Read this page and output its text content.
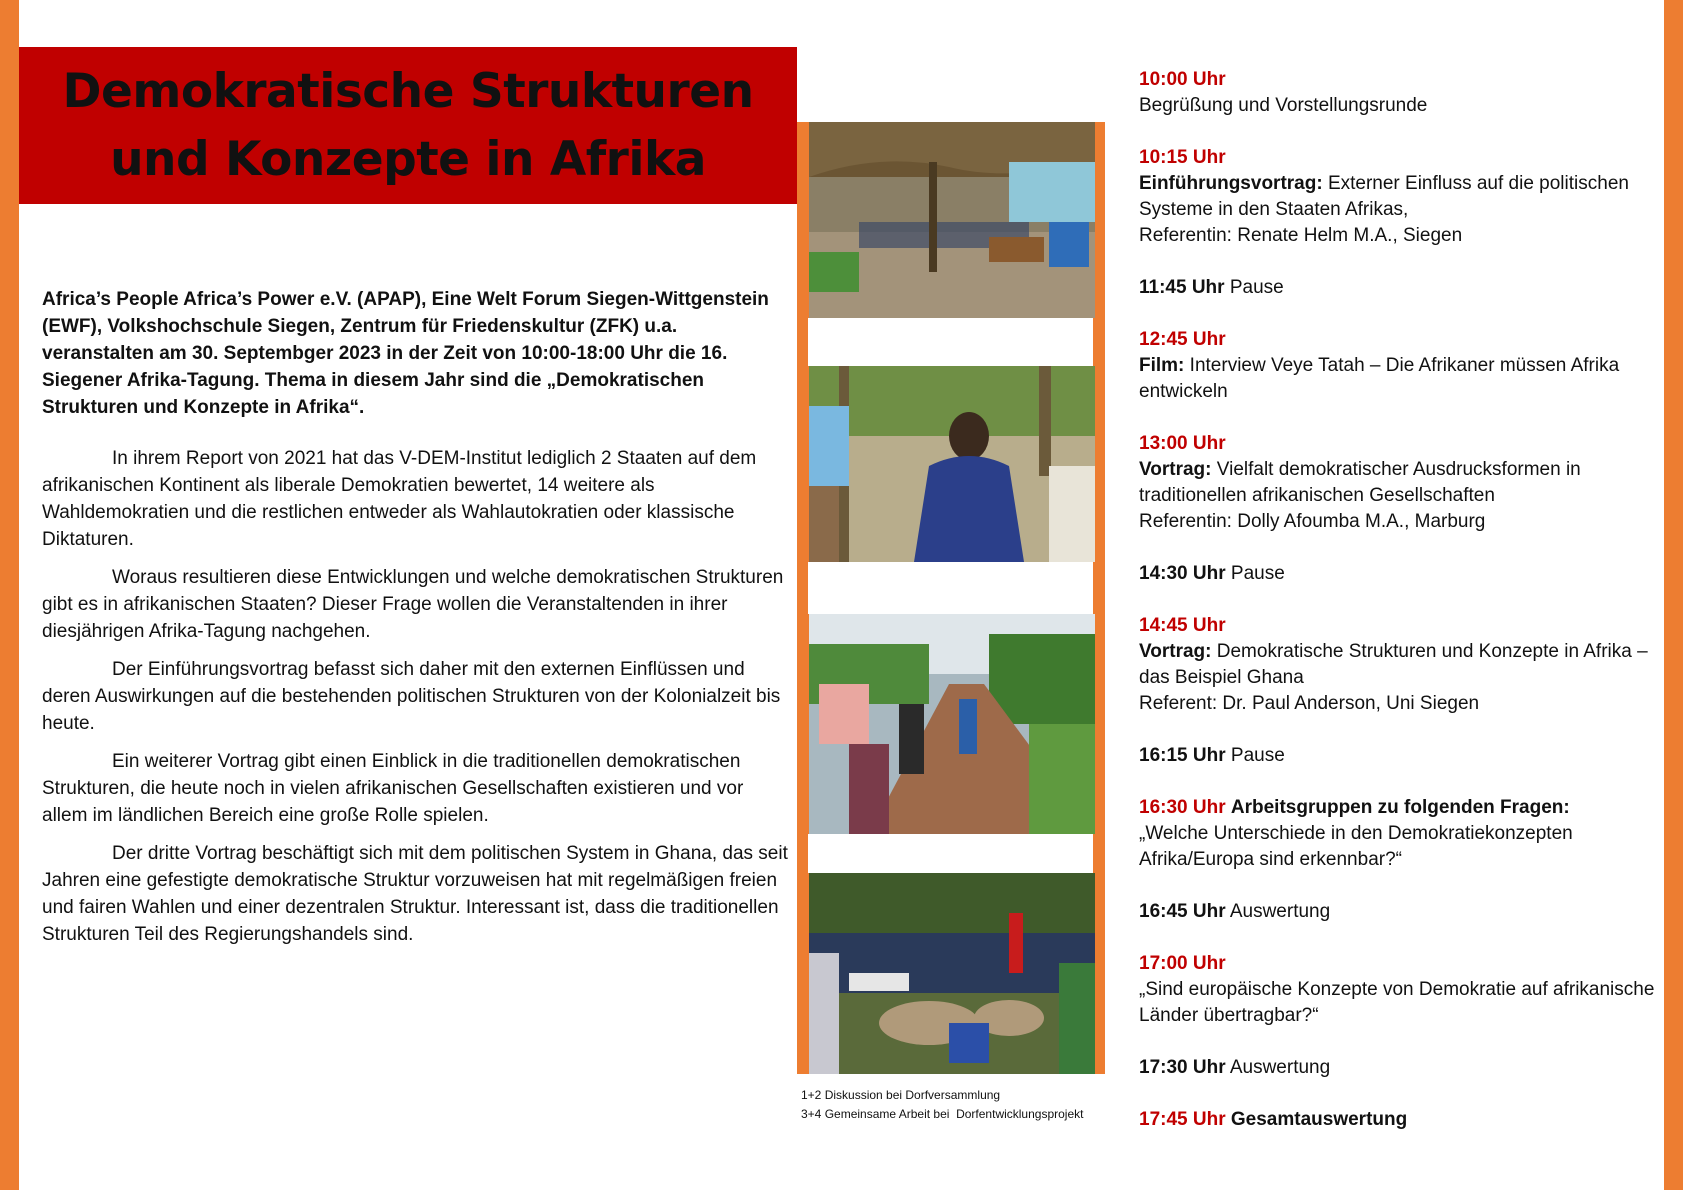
Demokratische Strukturen
und Konzepte in Afrika

Africa’s People Africa’s Power e.V. (APAP), Eine Welt Forum Siegen-Wittgenstein (EWF), Volkshochschule Siegen, Zentrum für Friedenskultur (ZFK) u.a. veranstalten am 30. Septembger 2023 in der Zeit von 10:00-18:00 Uhr die 16. Siegener Afrika-Tagung. Thema in diesem Jahr sind die „Demokratischen Strukturen und Konzepte in Afrika“.

In ihrem Report von 2021 hat das V-DEM-Institut lediglich 2 Staaten auf dem afrikanischen Kontinent als liberale Demokratien bewertet, 14 weitere als Wahldemokratien und die restlichen entweder als Wahlautokratien oder klassische Diktaturen.

Woraus resultieren diese Entwicklungen und welche demokratischen Strukturen gibt es in afrikanischen Staaten? Dieser Frage wollen die Veranstaltenden in ihrer diesjährigen Afrika-Tagung nachgehen.

Der Einführungsvortrag befasst sich daher mit den externen Einflüssen und deren Auswirkungen auf die bestehenden politischen Strukturen von der Kolonialzeit bis heute.

Ein weiterer Vortrag gibt einen Einblick in die traditionellen demokratischen Strukturen, die heute noch in vielen afrikanischen Gesellschaften existieren und vor allem im ländlichen Bereich eine große Rolle spielen.

Der dritte Vortrag beschäftigt sich mit dem politischen System in Ghana, das seit Jahren eine gefestigte demokratische Struktur vorzuweisen hat mit regelmäßigen freien und fairen Wahlen und einer dezentralen Struktur. Interessant ist, dass die traditionellen Strukturen Teil des Regierungshandels sind.

1+2 Diskussion bei Dorfversammlung
3+4 Gemeinsame Arbeit bei  Dorfentwicklungsprojekt
10:00 Uhr
Begrüßung und Vorstellungsrunde
10:15 Uhr
Einführungsvortrag: Externer Einfluss auf die politischen Systeme in den Staaten Afrikas,
Referentin: Renate Helm M.A., Siegen
11:45 Uhr Pause
12:45 Uhr
Film: Interview Veye Tatah – Die Afrikaner müssen Afrika entwickeln
13:00 Uhr
Vortrag: Vielfalt demokratischer Ausdrucksformen in traditionellen afrikanischen Gesellschaften
Referentin: Dolly Afoumba M.A., Marburg
14:30 Uhr Pause
14:45 Uhr
Vortrag: Demokratische Strukturen und Konzepte in Afrika – das Beispiel Ghana
Referent: Dr. Paul Anderson, Uni Siegen
16:15 Uhr Pause
16:30 Uhr Arbeitsgruppen zu folgenden Fragen:
„Welche Unterschiede in den Demokratiekonzepten Afrika/Europa sind erkennbar?“
16:45 Uhr Auswertung
17:00 Uhr
„Sind europäische Konzepte von Demokratie auf afrikanische Länder übertragbar?“
17:30 Uhr Auswertung
17:45 Uhr Gesamtauswertung
